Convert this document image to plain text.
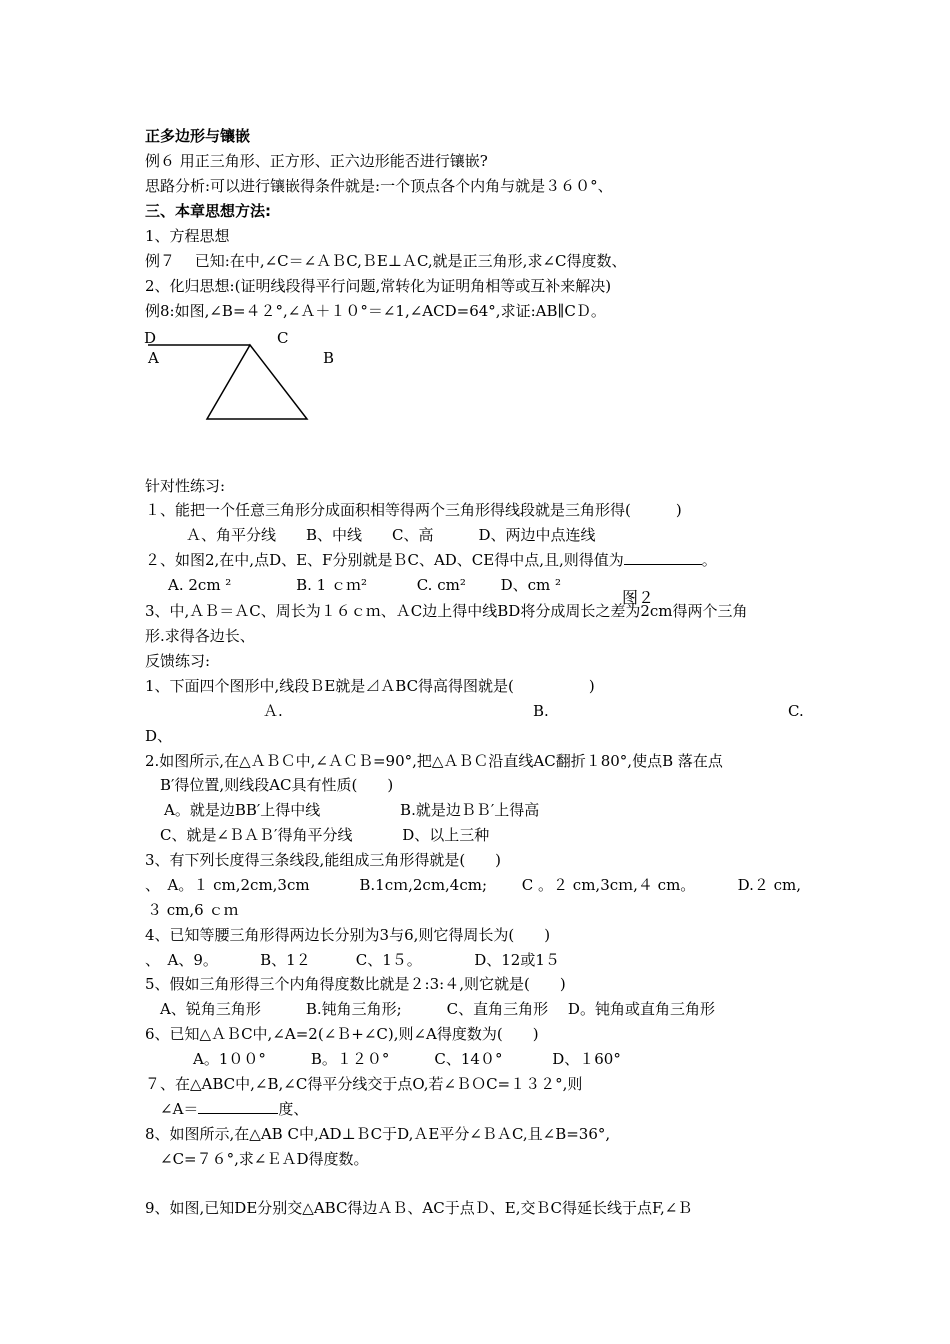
正多边形与镶嵌
例６ 用正三角形、正方形、正六边形能否进行镶嵌?
思路分析:可以进行镶嵌得条件就是:一个顶点各个内角与就是３６０°、
三、本章思想方法:
1、方程思想
例７　 已知:在中,∠C＝∠ＡＢC,ＢE⊥ＡC,就是正三角形,求∠C得度数、
2、化归思想:(证明线段得平行问题,常转化为证明角相等或互补来解决)
例8:如图,∠B=４２°,∠Ａ＋１０°＝∠1,∠ACD=64°,求证:AB∥CＤ。
D	C
A	B
针对性练习:
１、能把一个任意三角形分成面积相等得两个三角形得线段就是三角形得(　　　)
Ａ、角平分线　　B、中线　　C、高　　　D、两边中点连线
２、如图2,在中,点D、E、F分别就是ＢC、AD、CE得中点,且,则得值为	。
A. 2cm ²　　　　 B. 1 ｃｍ²　　　 C. cm²　　 D、cm ²
图２
3、中,ＡＢ＝ＡC、周长为１６ｃｍ、ＡC边上得中线BD将分成周长之差为2cm得两个三角
形.求得各边长、
反馈练习:
1、下面四个图形中,线段ＢE就是⊿ＡBC得高得图就是(　　　　　)
Ａ.	B.	C.
D、
2.如图所示,在△ＡＢＣ中,∠ＡＣＢ=90°,把△ＡＢＣ沿直线AC翻折１80°,使点B 落在点
B′得位置,则线段AC具有性质(　　)
A。就是边BB′上得中线　　　　　 B.就是边ＢＢ′上得高
C、就是∠ＢＡＢ′得角平分线　　　 D、以上三种
3、有下列长度得三条线段,能组成三角形得就是(　　)
、　A。１ cm,2cm,3cm　　　 B.1cｍ,2cm,4cm;　　 C 。２ cm,3cｍ,４ cm。　　　 D.２ cm,
３ cm,6 ｃｍ
4、已知等腰三角形得两边长分别为3与6,则它得周长为(　　)
、　A、9。　　　 B、1２　　　C、1５。　　　　D、12或1５
5、假如三角形得三个内角得度数比就是２:3:４,则它就是(　　)
A、锐角三角形　　　B.钝角三角形;　　　C、直角三角形　 D。钝角或直角三角形
6、已知△ＡＢC中,∠A=2(∠Ｂ+∠C),则∠A得度数为(　　)
A。1００°　　　B。１２０°　　　C、14０°　　　 D、１60°
７、在△ABC中,∠B,∠C得平分线交于点O,若∠ＢＯC=１３２°,则
∠A＝	度、
8、如图所示,在△AB C中,AD⊥ＢC于D,ＡE平分∠ＢＡC,且∠B=36°,
∠C=７６°,求∠ＥＡD得度数。
9、如图,已知DE分别交△ABC得边ＡＢ、AC于点Ｄ、E,交ＢC得延长线于点F,∠Ｂ
